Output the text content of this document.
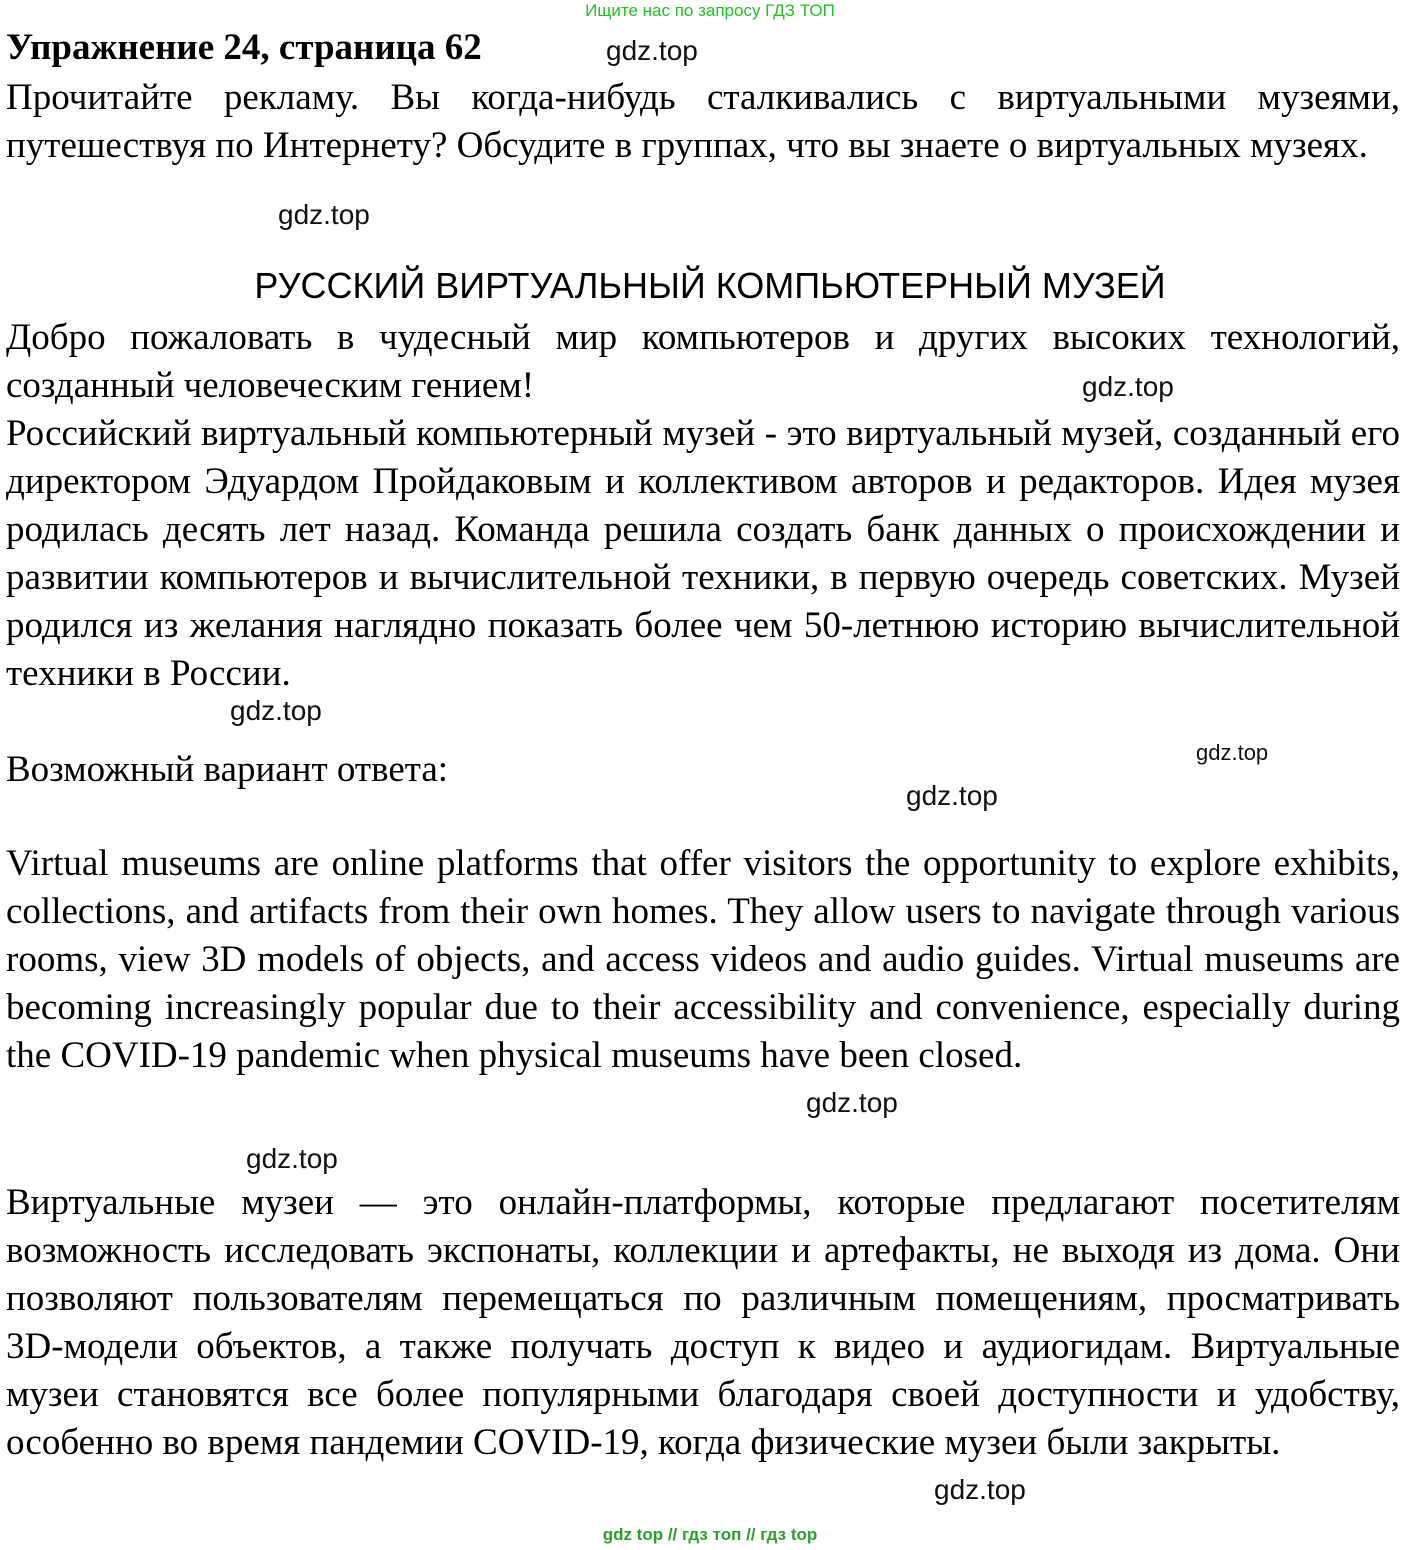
Ищите нас по запросу ГДЗ ТОП
Упражнение 24, страница 62	gdz.top
Прочитайте рекламу. Вы когда-нибудь сталкивались с виртуальными музеями, путешествуя по Интернету? Обсудите в группах, что вы знаете о виртуальных музеях.
gdz.top
РУССКИЙ ВИРТУАЛЬНЫЙ КОМПЬЮТЕРНЫЙ МУЗЕЙ
Добро пожаловать в чудесный мир компьютеров и других высоких технологий, созданный человеческим гением!	gdz.top
Российский виртуальный компьютерный музей - это виртуальный музей, созданный его директором Эдуардом Пройдаковым и коллективом авторов и редакторов. Идея музея родилась десять лет назад. Команда решила создать банк данных о происхождении и развитии компьютеров и вычислительной техники, в первую очередь советских. Музей родился из желания наглядно показать более чем 50-летнюю историю вычислительной техники в России.
gdz.top
Возможный вариант ответа:	gdz.top
gdz.top
Virtual museums are online platforms that offer visitors the opportunity to explore exhibits, collections, and artifacts from their own homes. They allow users to navigate through various rooms, view 3D models of objects, and access videos and audio guides. Virtual museums are becoming increasingly popular due to their accessibility and convenience, especially during the COVID-19 pandemic when physical museums have been closed.
gdz.top
gdz.top
Виртуальные музеи — это онлайн-платформы, которые предлагают посетителям возможность исследовать экспонаты, коллекции и артефакты, не выходя из дома. Они позволяют пользователям перемещаться по различным помещениям, просматривать 3D-модели объектов, а также получать доступ к видео и аудиогидам. Виртуальные музеи становятся все более популярными благодаря своей доступности и удобству, особенно во время пандемии COVID-19, когда физические музеи были закрыты.
gdz.top
gdz top // гдз топ // гдз top
